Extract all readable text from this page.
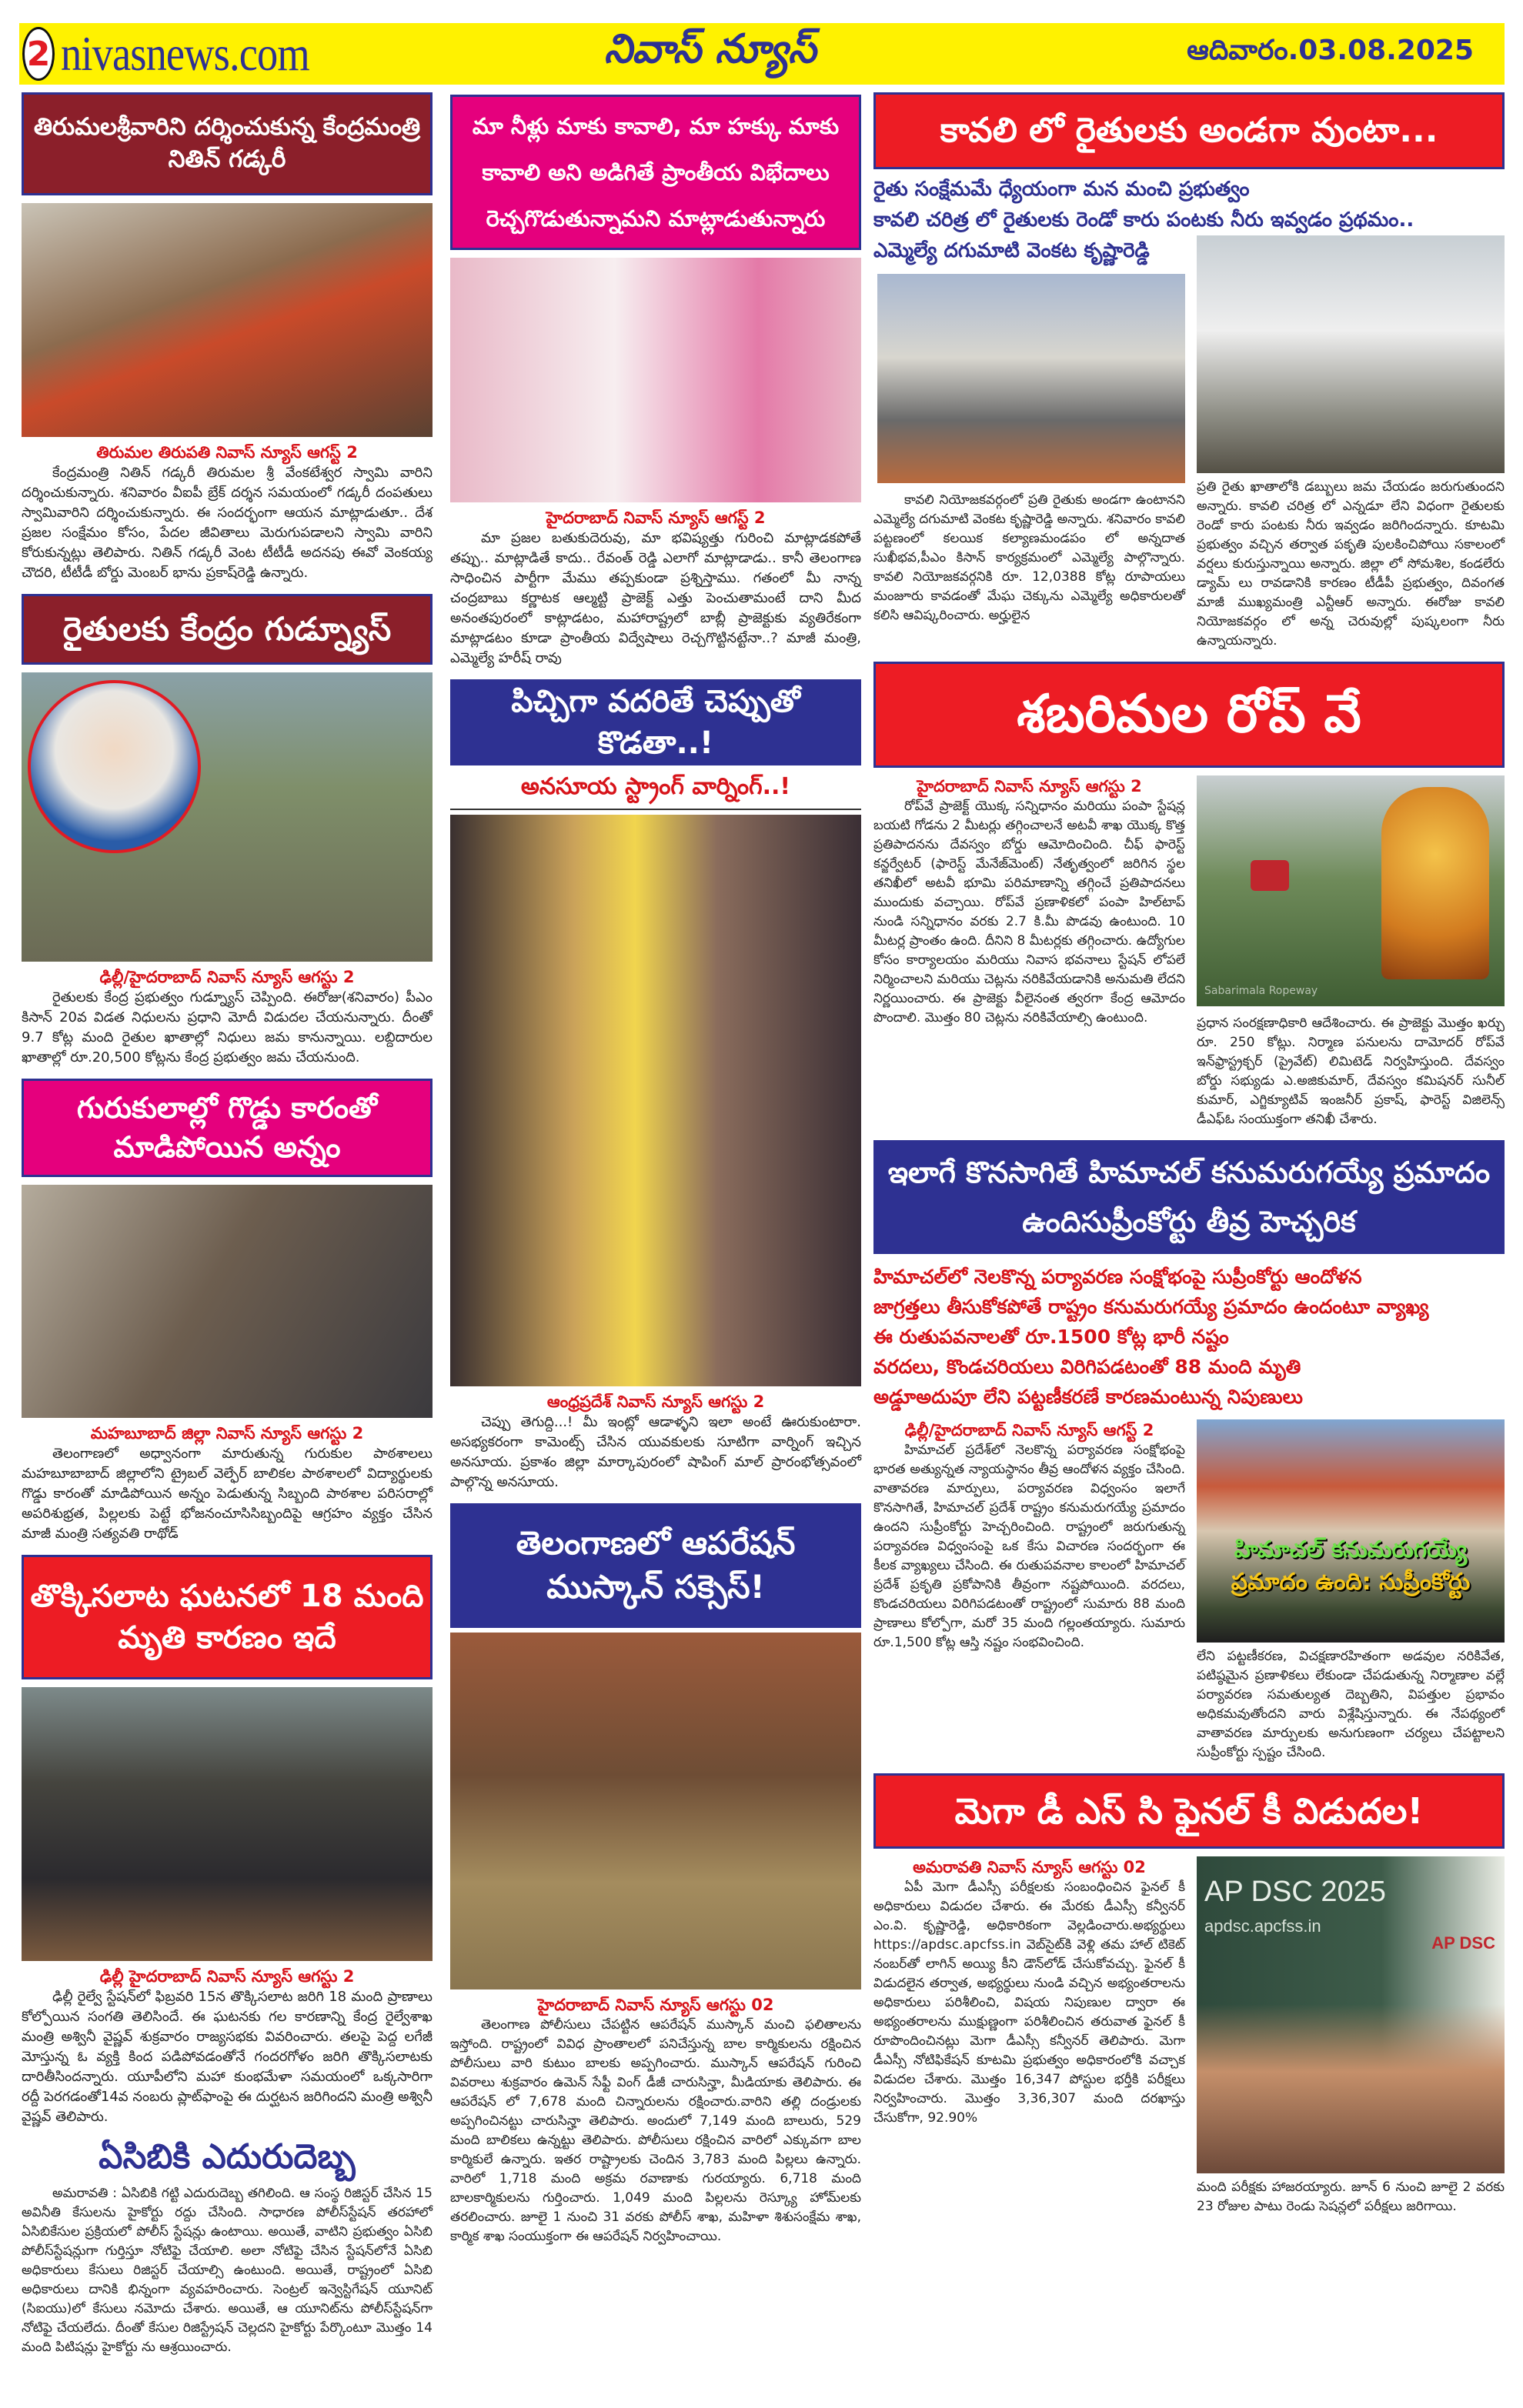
2 nivasnews.com	నివాస్ న్యూస్	ఆదివారం.03.08.2025
తిరుమలశ్రీవారిని దర్శించుకున్న కేంద్రమంత్రి నితిన్ గడ్కరీ
తిరుమల తిరుపతి నివాస్ న్యూస్ ఆగస్ట్ 2
కేంద్రమంత్రి నితిన్ గడ్కరీ తిరుమల శ్రీ వేంకటేశ్వర స్వామి వారిని దర్శించుకున్నారు. శనివారం వీఐపీ బ్రేక్ దర్శన సమయంలో గడ్కరీ దంపతులు స్వామివారిని దర్శించుకున్నారు. ఈ సందర్భంగా ఆయన మాట్లాడుతూ.. దేశ ప్రజల సంక్షేమం కోసం, పేదల జీవితాలు మెరుగుపడాలని స్వామి వారిని కోరుకున్నట్లు తెలిపారు. నితిన్ గడ్కరీ వెంట టీటీడీ అదనపు ఈవో వెంకయ్య చౌదరి, టీటీడీ బోర్డు మెంబర్ భాను ప్రకాష్‌రెడ్డి ఉన్నారు.
రైతులకు కేంద్రం గుడ్న్యూస్
ఢిల్లీ/హైదరాబాద్ నివాస్ న్యూస్ ఆగస్టు 2
రైతులకు కేంద్ర ప్రభుత్వం గుడ్న్యూస్ చెప్పింది. ఈరోజు(శనివారం) పీఎం కిసాన్ 20వ విడత నిధులను ప్రధాని మోదీ విడుదల చేయనున్నారు. దీంతో 9.7 కోట్ల మంది రైతుల ఖాతాల్లో నిధులు జమ కానున్నాయి. లబ్దిదారుల ఖాతాల్లో రూ.20,500 కోట్లను కేంద్ర ప్రభుత్వం జమ చేయనుంది.
గురుకులాల్లో గొడ్డు కారంతో మాడిపోయిన అన్నం
మహబూబాద్ జిల్లా నివాస్ న్యూస్ ఆగస్టు 2
తెలంగాణలో అధ్వానంగా మారుతున్న గురుకుల పాఠశాలలు మహబూబాబాద్ జిల్లాలోని ట్రైబల్ వెల్ఫేర్ బాలికల పాఠశాలలో విద్యార్థులకు గొడ్డు కారంతో మాడిపోయిన అన్నం పెడుతున్న సిబ్బంది పాఠశాల పరిసరాల్లో అపరిశుభ్రత, పిల్లలకు పెట్టే భోజనంచూసిసిబ్బందిపై ఆగ్రహం వ్యక్తం చేసిన మాజీ మంత్రి సత్యవతి రాథోడ్
తొక్కిసలాట ఘటనలో 18 మంది మృతి కారణం ఇదే
ఢిల్లీ హైదరాబాద్ నివాస్ న్యూస్ ఆగస్టు 2
ఢిల్లీ రైల్వే స్టేషన్‌లో ఫిబ్రవరి 15న తొక్కిసలాట జరిగి 18 మంది ప్రాణాలు కోల్పోయిన సంగతి తెలిసిందే. ఈ ఘటనకు గల కారణాన్ని కేంద్ర రైల్వేశాఖ మంత్రి అశ్వినీ వైష్ణవ్ శుక్రవారం రాజ్యసభకు వివరించారు. తలపై పెద్ద లగేజీ మోస్తున్న ఓ వ్యక్తి కింద పడిపోవడంతోనే గందరగోళం జరిగి తొక్కిసలాటకు దారితీసిందన్నారు. యూపీలోని మహా కుంభమేళా సమయంలో ఒక్కసారిగా రద్దీ పెరగడంతో14వ నంబరు ప్లాట్‌ఫాంపై ఈ దుర్ఘటన జరిగిందని మంత్రి అశ్వినీ వైష్ణవ్ తెలిపారు.
ఏసిబికి ఎదురుదెబ్బ
అమరావతి : ఏసిబికి గట్టి ఎదురుదెబ్బ తగిలింది. ఆ సంస్థ రిజిస్టర్ చేసిన 15 అవినీతి కేసులను హైకోర్టు రద్దు చేసింది. సాధారణ పోలీస్‌స్టేషన్ తరహాలో ఏసిబికేసుల ప్రక్రియలో పోలీస్ స్టేషన్లు ఉంటాయి. అయితే, వాటిని ప్రభుత్వం ఏసిబి పోలీస్‌స్టేషన్లుగా గుర్తిస్తూ నోటిఫై చేయాలి. అలా నోటిఫై చేసిన స్టేషన్‌లోనే ఏసిబి అధికారులు కేసులు రిజిస్టర్ చేయాల్సి ఉంటుంది. అయితే, రాష్ట్రంలో ఏసిబి అధికారులు దానికి భిన్నంగా వ్యవహరించారు. సెంట్రల్ ఇన్వెస్టిగేషన్ యూనిట్ (సిఐయు)లో కేసులు నమోదు చేశారు. అయితే, ఆ యూనిట్‌ను పోలీస్‌స్టేషన్‌గా నోటిఫై చేయలేదు. దీంతో కేసుల రిజిస్ట్రేషన్ చెల్లదని హైకోర్టు పేర్కొంటూ మొత్తం 14 మంది పిటిషన్లు హైకోర్టు ను ఆశ్రయించారు.
మా నీళ్లు మాకు కావాలి, మా హక్కు మాకు కావాలి అని అడిగితే ప్రాంతీయ విభేదాలు రెచ్చగొడుతున్నామని మాట్లాడుతున్నారు
హైదరాబాద్ నివాస్ న్యూస్ ఆగస్ట్ 2
మా ప్రజల బతుకుదెరువు, మా భవిష్యత్తు గురించి మాట్లాడకపోతే తప్పు.. మాట్లాడితే కాదు.. రేవంత్ రెడ్డి ఎలాగో మాట్లాడాడు.. కానీ తెలంగాణ సాధించిన పార్టీగా మేము తప్పకుండా ప్రశ్నిస్తాము. గతంలో మీ నాన్న చంద్రబాబు కర్ణాటక ఆల్మట్టి ప్రాజెక్ట్ ఎత్తు పెంచుతామంటే దాని మీద అనంతపురంలో కాట్లాడటం, మహారాష్ట్రలో బాబ్లీ ప్రాజెక్టుకు వ్యతిరేకంగా మాట్లాడటం కూడా ప్రాంతీయ విద్వేషాలు రెచ్చగొట్టినట్టేనా..? మాజీ మంత్రి, ఎమ్మెల్యే హరీష్ రావు
పిచ్చిగా వదరితే చెప్పుతో కొడతా..!
అనసూయ స్ట్రాంగ్ వార్నింగ్..!
ఆంధ్రప్రదేశ్ నివాస్ న్యూస్ ఆగస్టు 2
చెప్పు తెగుద్ది...! మీ ఇంట్లో ఆడాళ్ళని ఇలా అంటే ఊరుకుంటారా. అసభ్యకరంగా కామెంట్స్ చేసిన యువకులకు సూటిగా వార్నింగ్ ఇచ్చిన అనసూయ. ప్రకాశం జిల్లా మార్కాపురంలో షాపింగ్ మాల్ ప్రారంభోత్సవంలో పాల్గొన్న అనసూయ.
తెలంగాణలో ఆపరేషన్ ముస్కాన్ సక్సెస్!
హైదరాబాద్ నివాస్ న్యూస్ ఆగస్టు 02
తెలంగాణ పోలీసులు చేపట్టిన ఆపరేషన్ ముస్కాన్ మంచి ఫలితాలను ఇస్తోంది. రాష్ట్రంలో వివిధ ప్రాంతాలలో పనిచేస్తున్న బాల కార్మికులను రక్షించిన పోలీసులు వారి కుటుం బాలకు అప్పగించారు. ముస్కాన్ ఆపరేషన్ గురించి వివరాలు శుక్రవారం ఉమెన్ సేఫ్టీ వింగ్ డీజీ చారుసిన్హా, మీడియాకు తెలిపారు. ఈ ఆపరేషన్ లో 7,678 మంది చిన్నారులను రక్షించారు.వారిని తల్లి దండ్రులకు అప్పగించినట్టు చారుసిన్హా తెలిపారు. అందులో 7,149 మంది బాలురు, 529 మంది బాలికలు ఉన్నట్టు తెలిపారు. పోలీసులు రక్షించిన వారిలో ఎక్కువగా బాల కార్మికులే ఉన్నారు. ఇతర రాష్ట్రాలకు చెందిన 3,783 మంది పిల్లలు ఉన్నారు. వారిలో 1,718 మంది అక్రమ రవాణాకు గురయ్యారు. 6,718 మంది బాలకార్మికులను గుర్తించారు. 1,049 మంది పిల్లలను రెస్క్యూ హోమ్‌లకు తరలించారు. జూలై 1 నుంచి 31 వరకు పోలీస్ శాఖ, మహిళా శిశుసంక్షేమ శాఖ, కార్మిక శాఖ సంయుక్తంగా ఈ ఆపరేషన్ నిర్వహించాయి.
కావలి లో రైతులకు అండగా వుంటా...
రైతు సంక్షేమమే ధ్యేయంగా మన మంచి ప్రభుత్వం
కావలి చరిత్ర లో రైతులకు రెండో కారు పంటకు నీరు ఇవ్వడం ప్రథమం..
ఎమ్మెల్యే దగుమాటి వెంకట కృష్ణారెడ్డి
కావలి నియోజకవర్గంలో ప్రతి రైతుకు అండగా ఉంటానని ఎమ్మెల్యే దగుమాటి వెంకట కృష్ణారెడ్డి అన్నారు. శనివారం కావలి పట్టణంలో కలయిక కల్యాణమండపం లో అన్నదాత సుఖీభవ,పీఎం కిసాన్ కార్యక్రమంలో ఎమ్మెల్యే పాల్గొన్నారు. కావలి నియోజకవర్గనికి రూ. 12,0388 కోట్ల రూపాయలు మంజూరు కావడంతో మేఘ చెక్కును ఎమ్మెల్యే అధికారులతో కలిసి ఆవిష్కరించారు. అర్హులైన
ప్రతి రైతు ఖాతాలోకి డబ్బులు జమ చేయడం జరుగుతుందని అన్నారు. కావలి చరిత్ర లో ఎన్నడూ లేని విధంగా రైతులకు రెండో కారు పంటకు నీరు ఇవ్వడం జరిగిందన్నారు. కూటమి ప్రభుత్వం వచ్చిన తర్వాత పకృతి పులకించిపోయి సకాలంలో వర్షలు కురుస్తున్నాయి అన్నారు. జిల్లా లో సోమశిల, కండలేరు డ్యామ్ లు రావడానికి కారణం టీడీపీ ప్రభుత్వం, దివంగత మాజీ ముఖ్యమంత్రి ఎన్టీఆర్ అన్నారు. ఈరోజు కావలి నియోజకవర్గం లో అన్న చెరువుల్లో పుష్కలంగా నీరు ఉన్నాయన్నారు.
శబరిమల రోప్ వే
హైదరాబాద్ నివాస్ న్యూస్ ఆగస్టు 2
రోప్‌వే ప్రాజెక్ట్ యొక్క సన్నిధానం మరియు పంపా స్టేషన్ల బయటి గోడను 2 మీటర్లు తగ్గించాలనే అటవీ శాఖ యొక్క కొత్త ప్రతిపాదనను దేవస్వం బోర్డు ఆమోదించింది. చీఫ్ ఫారెస్ట్ కన్జర్వేటర్ (ఫారెస్ట్ మేనేజ్‌మెంట్) నేతృత్వంలో జరిగిన స్థల తనిఖీలో అటవీ భూమి పరిమాణాన్ని తగ్గించే ప్రతిపాదనలు ముందుకు వచ్చాయి. రోప్‌వే ప్రణాళికలో పంపా హిల్‌టాప్ నుండి సన్నిధానం వరకు 2.7 కి.మీ పొడవు ఉంటుంది. 10 మీటర్ల ప్రాంతం ఉంది. దీనిని 8 మీటర్లకు తగ్గించారు. ఉద్యోగుల కోసం కార్యాలయం మరియు నివాస భవనాలు స్టేషన్ లోపలే నిర్మించాలని మరియు చెట్లను నరికివేయడానికి అనుమతి లేదని నిర్ణయించారు. ఈ ప్రాజెక్టు వీలైనంత త్వరగా కేంద్ర ఆమోదం పొందాలి. మొత్తం 80 చెట్లను నరికివేయాల్సి ఉంటుంది.
Sabarimala Ropeway
ప్రధాన సంరక్షణాధికారి ఆదేశించారు. ఈ ప్రాజెక్టు మొత్తం ఖర్చు రూ. 250 కోట్లు. నిర్మాణ పనులను దామోదర్ రోప్‌వే ఇన్‌ఫ్రాస్ట్రక్చర్ (ప్రైవేట్) లిమిటెడ్ నిర్వహిస్తుంది. దేవస్వం బోర్డు సభ్యుడు ఎ.అజికుమార్, దేవస్వం కమిషనర్ సునీల్ కుమార్, ఎగ్జిక్యూటివ్ ఇంజనీర్ ప్రకాష్, ఫారెస్ట్ విజిలెన్స్ డీఎఫ్ఓ సంయుక్తంగా తనిఖీ చేశారు.
ఇలాగే కొనసాగితే హిమాచల్ కనుమరుగయ్యే ప్రమాదం ఉందిసుప్రీంకోర్టు తీవ్ర హెచ్చరిక
హిమాచల్‌లో నెలకొన్న పర్యావరణ సంక్షోభంపై సుప్రీంకోర్టు ఆందోళన
జాగ్రత్తలు తీసుకోకపోతే రాష్ట్రం కనుమరుగయ్యే ప్రమాదం ఉందంటూ వ్యాఖ్య
ఈ రుతుపవనాలతో రూ.1500 కోట్ల భారీ నష్టం
వరదలు, కొండచరియలు విరిగిపడటంతో 88 మంది మృతి
అడ్డూఅదుపూ లేని పట్టణీకరణే కారణమంటున్న నిపుణులు
ఢిల్లీ/హైదరాబాద్ నివాస్ న్యూస్ ఆగస్ట్ 2
హిమాచల్ ప్రదేశ్‌లో నెలకొన్న పర్యావరణ సంక్షోభంపై భారత అత్యున్నత న్యాయస్థానం తీవ్ర ఆందోళన వ్యక్తం చేసింది. వాతావరణ మార్పులు, పర్యావరణ విధ్వంసం ఇలాగే కొనసాగితే, హిమాచల్ ప్రదేశ్ రాష్ట్రం కనుమరుగయ్యే ప్రమాదం ఉందని సుప్రీంకోర్టు హెచ్చరించింది. రాష్ట్రంలో జరుగుతున్న పర్యావరణ విధ్వంసంపై ఒక కేసు విచారణ సందర్భంగా ఈ కీలక వ్యాఖ్యలు చేసింది. ఈ రుతుపవనాల కాలంలో హిమాచల్ ప్రదేశ్ ప్రకృతి ప్రకోపానికి తీవ్రంగా నష్టపోయింది. వరదలు, కొండచరియలు విరిగిపడటంతో రాష్ట్రంలో సుమారు 88 మంది ప్రాణాలు కోల్పోగా, మరో 35 మంది గల్లంతయ్యారు. సుమారు రూ.1,500 కోట్ల ఆస్తి నష్టం సంభవించింది.
హిమాచల్ కనుమరుగయ్యే
ప్రమాదం ఉంది: సుప్రీంకోర్టు
లేని పట్టణీకరణ, విచక్షణారహితంగా అడవుల నరికివేత, పటిష్ఠమైన ప్రణాళికలు లేకుండా చేపడుతున్న నిర్మాణాల వల్లే పర్యావరణ సమతుల్యత దెబ్బతిని, విపత్తుల ప్రభావం అధికమవుతోందని వారు విశ్లేషిస్తున్నారు. ఈ నేపథ్యంలో వాతావరణ మార్పులకు అనుగుణంగా చర్యలు చేపట్టాలని సుప్రీంకోర్టు స్పష్టం చేసింది.
మెగా డీ ఎస్ సి ఫైనల్ కీ విడుదల!
అమరావతి నివాస్ న్యూస్ ఆగస్టు 02
ఏపీ మెగా డీఎస్సీ పరీక్షలకు సంబంధించిన ఫైనల్ కీ అధికారులు విడుదల చేశారు. ఈ మేరకు డీఎస్సీ కన్వీనర్ ఎం.వి. కృష్ణారెడ్డి, అధికారికంగా వెల్లడించారు.అభ్యర్థులు https://apdsc.apcfss.in వెబ్‌సైట్‌కి వెళ్లి తమ హాల్ టికెట్ నంబర్‌తో లాగిన్ అయ్యి కీని డౌన్‌లోడ్ చేసుకోవచ్చు. ఫైనల్ కీ విడుదలైన తర్వాత, అభ్యర్థులు నుండి వచ్చిన అభ్యంతరాలను అధికారులు పరిశీలించి, విషయ నిపుణుల ద్వారా ఈ అభ్యంతరాలను ముక్షుణ్ణంగా పరిశీలించిన తరువాత ఫైనల్ కీ రూపొందించినట్లు మెగా డీఎస్సీ కన్వీనర్ తెలిపారు. మెగా డీఎస్సీ నోటిఫికేషన్ కూటమి ప్రభుత్వం అధికారంలోకి వచ్చాక విడుదల చేశారు. మొత్తం 16,347 పోస్టుల భర్తీకి పరీక్షలు నిర్వహించారు. మొత్తం 3,36,307 మంది దరఖాస్తు చేసుకోగా, 92.90%
AP DSC 2025
apdsc.apcfss.in
AP DSC
మంది పరీక్షకు హాజరయ్యారు. జూన్ 6 నుంచి జూలై 2 వరకు 23 రోజుల పాటు రెండు సెషన్లలో పరీక్షలు జరిగాయి.
